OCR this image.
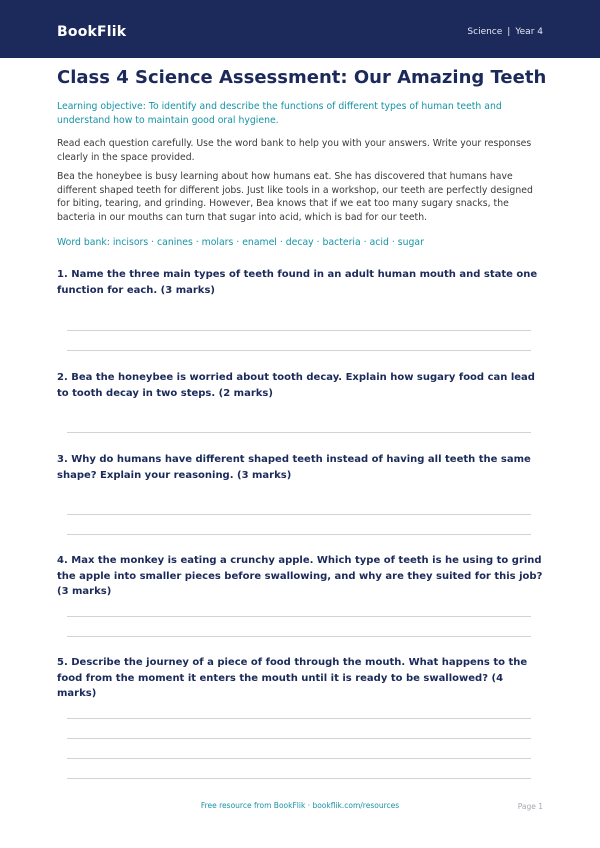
BookFlik	Science | Year 4
Class 4 Science Assessment: Our Amazing Teeth

Learning objective: To identify and describe the functions of different types of human teeth and understand how to maintain good oral hygiene.

Read each question carefully. Use the word bank to help you with your answers. Write your responses clearly in the space provided.

Bea the honeybee is busy learning about how humans eat. She has discovered that humans have different shaped teeth for different jobs. Just like tools in a workshop, our teeth are perfectly designed for biting, tearing, and grinding. However, Bea knows that if we eat too many sugary snacks, the bacteria in our mouths can turn that sugar into acid, which is bad for our teeth.

Word bank: incisors · canines · molars · enamel · decay · bacteria · acid · sugar

1. Name the three main types of teeth found in an adult human mouth and state one function for each. (3 marks)

2. Bea the honeybee is worried about tooth decay. Explain how sugary food can lead to tooth decay in two steps. (2 marks)

3. Why do humans have different shaped teeth instead of having all teeth the same shape? Explain your reasoning. (3 marks)

4. Max the monkey is eating a crunchy apple. Which type of teeth is he using to grind the apple into smaller pieces before swallowing, and why are they suited for this job? (3 marks)

5. Describe the journey of a piece of food through the mouth. What happens to the food from the moment it enters the mouth until it is ready to be swallowed? (4 marks)

Free resource from BookFlik · bookflik.com/resources	Page 1
